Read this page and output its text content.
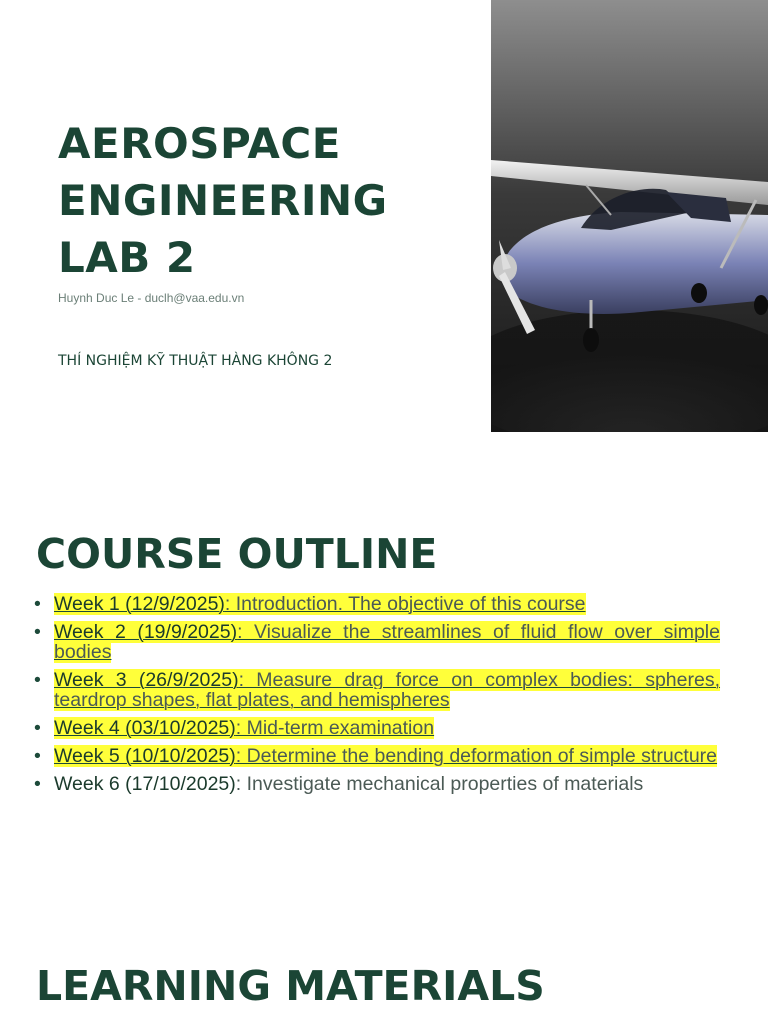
AEROSPACE
ENGINEERING
LAB 2
Huynh Duc Le - duclh@vaa.edu.vn
THÍ NGHIỆM KỸ THUẬT HÀNG KHÔNG 2
COURSE OUTLINE
• Week 1 (12/9/2025): Introduction. The objective of this course
• Week 2 (19/9/2025): Visualize the streamlines of fluid flow over simple bodies
• Week 3 (26/9/2025): Measure drag force on complex bodies: spheres, teardrop shapes, flat plates, and hemispheres
• Week 4 (03/10/2025): Mid-term examination
• Week 5 (10/10/2025): Determine the bending deformation of simple structure
• Week 6 (17/10/2025): Investigate mechanical properties of materials
LEARNING MATERIALS
